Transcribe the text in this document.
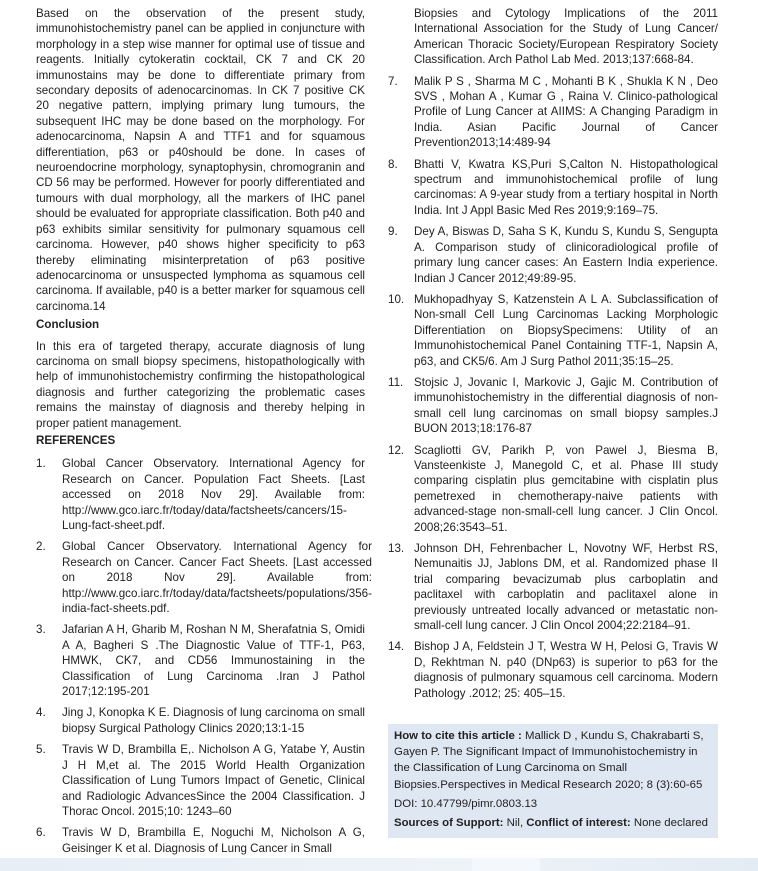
Based on the observation of the present study, immunohistochemistry panel can be applied in conjuncture with morphology in a step wise manner for optimal use of tissue and reagents. Initially cytokeratin cocktail, CK 7 and CK 20 immunostains may be done to differentiate primary from secondary deposits of adenocarcinomas. In CK 7 positive CK 20 negative pattern, implying primary lung tumours, the subsequent IHC may be done based on the morphology. For adenocarcinoma, Napsin A and TTF1 and for squamous differentiation, p63 or p40should be done. In cases of neuroendocrine morphology, synaptophysin, chromogranin and CD 56 may be performed. However for poorly differentiated and tumours with dual morphology, all the markers of IHC panel should be evaluated for appropriate classification. Both p40 and p63 exhibits similar sensitivity for pulmonary squamous cell carcinoma. However, p40 shows higher specificity to p63 thereby eliminating misinterpretation of p63 positive adenocarcinoma or unsuspected lymphoma as squamous cell carcinoma. If available, p40 is a better marker for squamous cell carcinoma.14

Conclusion

In this era of targeted therapy, accurate diagnosis of lung carcinoma on small biopsy specimens, histopathologically with help of immunohistochemistry confirming the histopathological diagnosis and further categorizing the problematic cases remains the mainstay of diagnosis and thereby helping in proper patient management.

REFERENCES

1.	Global Cancer Observatory. International Agency for Research on Cancer. Population Fact Sheets. [Last accessed on 2018 Nov 29]. Available from: http://www.gco.iarc.fr/today/data/factsheets/cancers/15-Lung-fact-sheet.pdf.
2.	Global Cancer Observatory. International Agency for Research on Cancer. Cancer Fact Sheets. [Last accessed on 2018 Nov 29]. Available from: http://www.gco.iarc.fr/today/data/factsheets/populations/356-india-fact-sheets.pdf.
3.	Jafarian A H, Gharib M, Roshan N M, Sherafatnia S, Omidi A A, Bagheri S .The Diagnostic Value of TTF-1, P63, HMWK, CK7, and CD56 Immunostaining in the Classification of Lung Carcinoma .Iran J Pathol 2017;12:195-201
4.	Jing J, Konopka K E. Diagnosis of lung carcinoma on small biopsy Surgical Pathology Clinics 2020;13:1-15
5.	Travis W D, Brambilla E,. Nicholson A G, Yatabe Y, Austin J H M,et al. The 2015 World Health Organization Classification of Lung Tumors Impact of Genetic, Clinical and Radiologic AdvancesSince the 2004 Classification. J Thorac Oncol. 2015;10: 1243–60
6.	Travis W D, Brambilla E, Noguchi M, Nicholson A G, Geisinger K et al. Diagnosis of Lung Cancer in Small

Biopsies and Cytology Implications of the 2011 International Association for the Study of Lung Cancer/ American Thoracic Society/European Respiratory Society Classification. Arch Pathol Lab Med. 2013;137:668-84.

7.	Malik P S , Sharma M C , Mohanti B K , Shukla K N , Deo SVS , Mohan A , Kumar G , Raina V. Clinico-pathological Profile of Lung Cancer at AIIMS: A Changing Paradigm in India. Asian Pacific Journal of Cancer Prevention2013;14:489-94
8.	Bhatti V, Kwatra KS,Puri S,Calton N. Histopathological spectrum and immunohistochemical profile of lung carcinomas: A 9-year study from a tertiary hospital in North India. Int J Appl Basic Med Res 2019;9:169–75.
9.	Dey A, Biswas D, Saha S K, Kundu S, Kundu S, Sengupta A. Comparison study of clinicoradiological profile of primary lung cancer cases: An Eastern India experience. Indian J Cancer 2012;49:89-95.
10. Mukhopadhyay S, Katzenstein A L A. Subclassification of Non-small Cell Lung Carcinomas Lacking Morphologic Differentiation on BiopsySpecimens: Utility of an Immunohistochemical Panel Containing TTF-1, Napsin A, p63, and CK5/6. Am J Surg Pathol 2011;35:15–25.
11. Stojsic J, Jovanic I, Markovic J, Gajic M. Contribution of immunohistochemistry in the differential diagnosis of non-small cell lung carcinomas on small biopsy samples.J BUON 2013;18:176-87
12. Scagliotti GV, Parikh P, von Pawel J, Biesma B, Vansteenkiste J, Manegold C, et al. Phase III study comparing cisplatin plus gemcitabine with cisplatin plus pemetrexed in chemotherapy-naive patients with advanced-stage non-small-cell lung cancer. J Clin Oncol. 2008;26:3543–51.
13. Johnson DH, Fehrenbacher L, Novotny WF, Herbst RS, Nemunaitis JJ, Jablons DM, et al. Randomized phase II trial comparing bevacizumab plus carboplatin and paclitaxel with carboplatin and paclitaxel alone in previously untreated locally advanced or metastatic non-small-cell lung cancer. J Clin Oncol 2004;22:2184–91.
14. Bishop J A, Feldstein J T, Westra W H, Pelosi G, Travis W D, Rekhtman N. p40 (DNp63) is superior to p63 for the diagnosis of pulmonary squamous cell carcinoma. Modern Pathology .2012; 25: 405–15.

How to cite this article : Mallick D , Kundu S, Chakrabarti S, Gayen P. The Significant Impact of Immunohistochemistry in the Classification of Lung Carcinoma on Small Biopsies.Perspectives in Medical Research 2020; 8 (3):60-65

DOI: 10.47799/pimr.0803.13

Sources of Support: Nil, Conflict of interest: None declared
